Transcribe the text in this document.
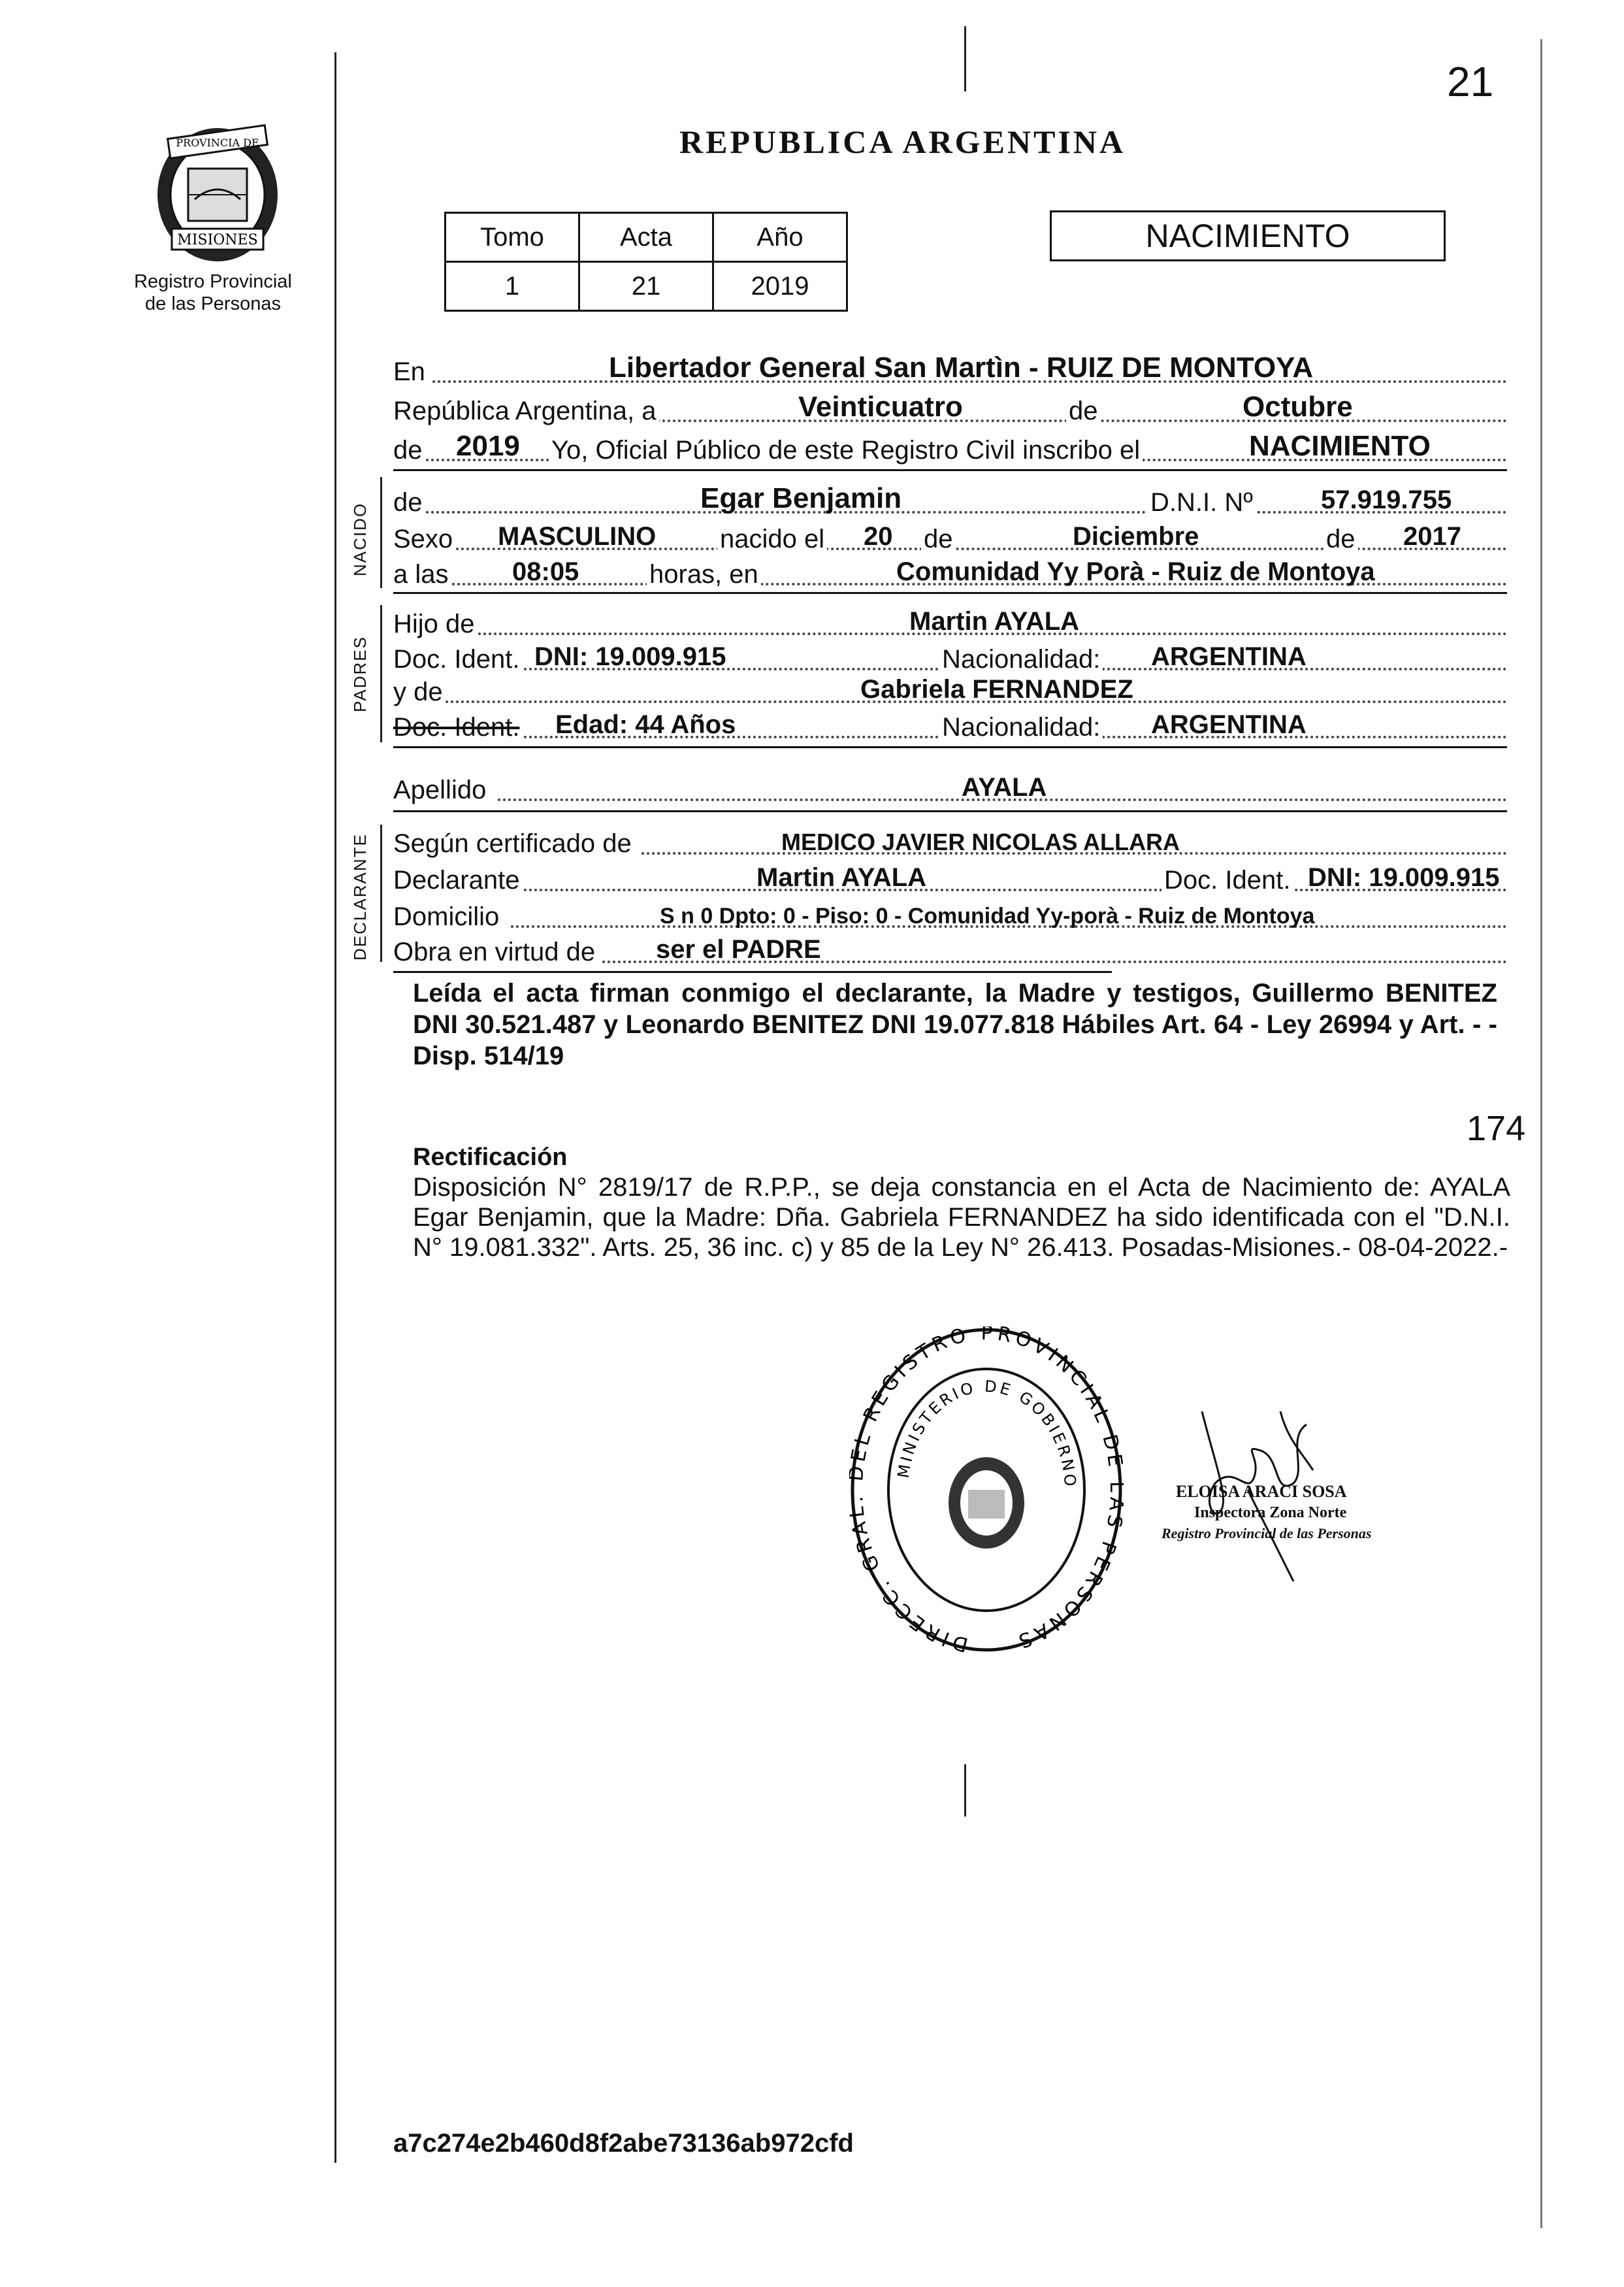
21
REPUBLICA ARGENTINA
PROVINCIA DE
MISIONES
Registro Provincial
de las Personas
Tomo	Acta	Año
1	21	2019
NACIMIENTO
En	Libertador General San Martìn - RUIZ DE MONTOYA
República Argentina, a	Veinticuatro	de	Octubre
de 2019 Yo, Oficial Público de este Registro Civil inscribo el	NACIMIENTO
NACIDO de	Egar Benjamin	D.N.I. Nº	57.919.755
Sexo MASCULINO nacido el 20 de	Diciembre	de 2017
a las 08:05	horas, en	Comunidad Yy Porà - Ruiz de Montoya
PADRES
Hijo de	Martin AYALA
Doc. Ident. DNI: 19.009.915	Nacionalidad: ARGENTINA
y de	Gabriela FERNANDEZ
Doc. Ident. Edad: 44 Años	Nacionalidad: ARGENTINA
Apellido	AYALA
DECLARANTE Según certificado de	MEDICO JAVIER NICOLAS ALLARA
Declarante	Martin AYALA	Doc. Ident. DNI: 19.009.915
Domicilio	S n 0 Dpto: 0 - Piso: 0 - Comunidad Yy-porà - Ruiz de Montoya
Obra en virtud de ser el PADRE
Leída el acta firman conmigo el declarante, la Madre y testigos, Guillermo BENITEZ DNI 30.521.487 y Leonardo BENITEZ DNI 19.077.818 Hábiles Art. 64 - Ley 26994 y Art. - - Disp. 514/19
174
Rectificación
Disposición N° 2819/17 de R.P.P., se deja constancia en el Acta de Nacimiento de: AYALA Egar Benjamin, que la Madre: Dña. Gabriela FERNANDEZ ha sido identificada con el "D.N.I. N° 19.081.332". Arts. 25, 36 inc. c) y 85 de la Ley N° 26.413. Posadas-Misiones.- 08-04-2022.-
DIRECC. GRA EL REGISTRO PROVINCIAL D PERSONAS
MINISTERIO DE GOBIERNO
ELOISA ARACI SOSA
Inspectora Zona Norte
Registro Provincial de las Personas
a7c274e2b460d8f2abe73136ab972cfd
